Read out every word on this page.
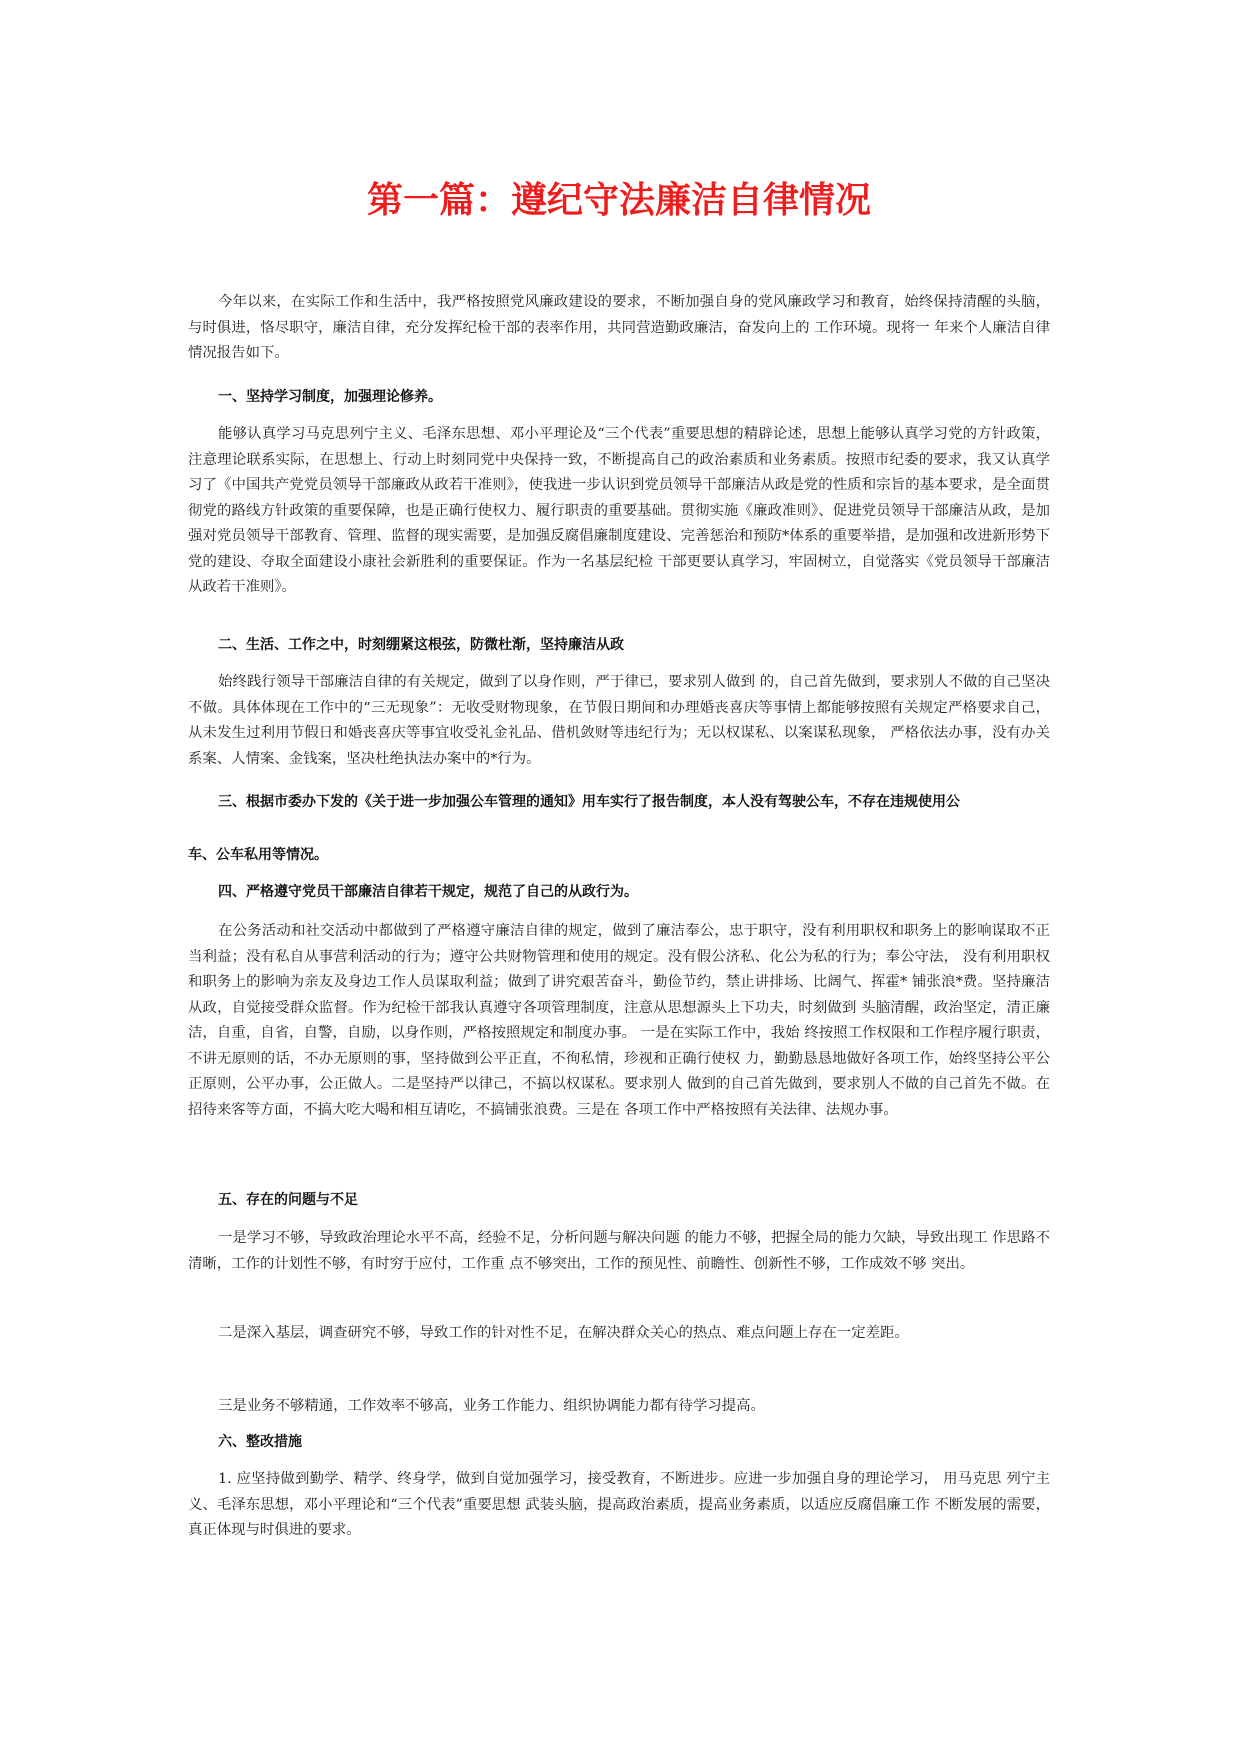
第一篇：遵纪守法廉洁自律情况

今年以来，在实际工作和生活中，我严格按照党风廉政建设的要求，不断加强自身的党风廉政学习和教育，始终保持清醒的头脑，与时俱进，恪尽职守，廉洁自律，充分发挥纪检干部的表率作用，共同营造勤政廉洁，奋发向上的 工作环境。现将一 年来个人廉洁自律情况报告如下。

一、坚持学习制度，加强理论修养。

能够认真学习马克思列宁主义、毛泽东思想、邓小平理论及“三个代表”重要思想的精辟论述，思想上能够认真学习党的方针政策，注意理论联系实际，在思想上、行动上时刻同党中央保持一致，不断提高自己的政治素质和业务素质。按照市纪委的要求，我又认真学习了《中国共产党党员领导干部廉政从政若干准则》，使我进一步认识到党员领导干部廉洁从政是党的性质和宗旨的基本要求，是全面贯彻党的路线方针政策的重要保障，也是正确行使权力、履行职责的重要基础。贯彻实施《廉政准则》、促进党员领导干部廉洁从政，是加强对党员领导干部教育、管理、监督的现实需要，是加强反腐倡廉制度建设、完善惩治和预防*体系的重要举措，是加强和改进新形势下党的建设、夺取全面建设小康社会新胜利的重要保证。作为一名基层纪检 干部更要认真学习，牢固树立，自觉落实《党员领导干部廉洁从政若干准则》。

二、生活、工作之中，时刻绷紧这根弦，防微杜渐，坚持廉洁从政

始终践行领导干部廉洁自律的有关规定，做到了以身作则，严于律已，要求别人做到 的，自己首先做到，要求别人不做的自己坚决不做。具体体现在工作中的“三无现象”：无收受财物现象，在节假日期间和办理婚丧喜庆等事情上都能够按照有关规定严格要求自己，从未发生过利用节假日和婚丧喜庆等事宜收受礼金礼品、借机敛财等违纪行为；无以权谋私、以案谋私现象， 严格依法办事，没有办关系案、人情案、金钱案，坚决杜绝执法办案中的*行为。

三、根据市委办下发的《关于进一步加强公车管理的通知》用车实行了报告制度，本人没有驾驶公车，不存在违规使用公
车、公车私用等情况。
四、严格遵守党员干部廉洁自律若干规定，规范了自己的从政行为。

在公务活动和社交活动中都做到了严格遵守廉洁自律的规定，做到了廉洁奉公，忠于职守，没有利用职权和职务上的影响谋取不正当利益；没有私自从事营利活动的行为；遵守公共财物管理和使用的规定。没有假公济私、化公为私的行为；奉公守法， 没有利用职权和职务上的影响为亲友及身边工作人员谋取利益；做到了讲究艰苦奋斗，勤俭节约，禁止讲排场、比阔气、挥霍* 铺张浪*费。坚持廉洁从政，自觉接受群众监督。作为纪检干部我认真遵守各项管理制度，注意从思想源头上下功夫，时刻做到 头脑清醒，政治坚定，清正廉洁，自重，自省，自警，自励，以身作则，严格按照规定和制度办事。 一是在实际工作中，我始 终按照工作权限和工作程序履行职责，不讲无原则的话，不办无原则的事，坚持做到公平正直，不徇私情，珍视和正确行使权 力，勤勤恳恳地做好各项工作，始终坚持公平公正原则，公平办事，公正做人。二是坚持严以律己，不搞以权谋私。要求别人 做到的自己首先做到，要求别人不做的自己首先不做。在招待来客等方面，不搞大吃大喝和相互请吃，不搞铺张浪费。三是在 各项工作中严格按照有关法律、法规办事。

五、存在的问题与不足

一是学习不够，导致政治理论水平不高，经验不足，分析问题与解决问题 的能力不够，把握全局的能力欠缺，导致出现工 作思路不清晰，工作的计划性不够，有时穷于应付，工作重 点不够突出，工作的预见性、前瞻性、创新性不够，工作成效不够 突出。

二是深入基层，调查研究不够，导致工作的针对性不足，在解决群众关心的热点、难点问题上存在一定差距。

三是业务不够精通，工作效率不够高，业务工作能力、组织协调能力都有待学习提高。

六、整改措施

1. 应坚持做到勤学、精学、终身学，做到自觉加强学习，接受教育，不断进步。应进一步加强自身的理论学习， 用马克思 列宁主义、毛泽东思想，邓小平理论和“三个代表”重要思想 武装头脑，提高政治素质，提高业务素质，以适应反腐倡廉工作 不断发展的需要，真正体现与时俱进的要求。
